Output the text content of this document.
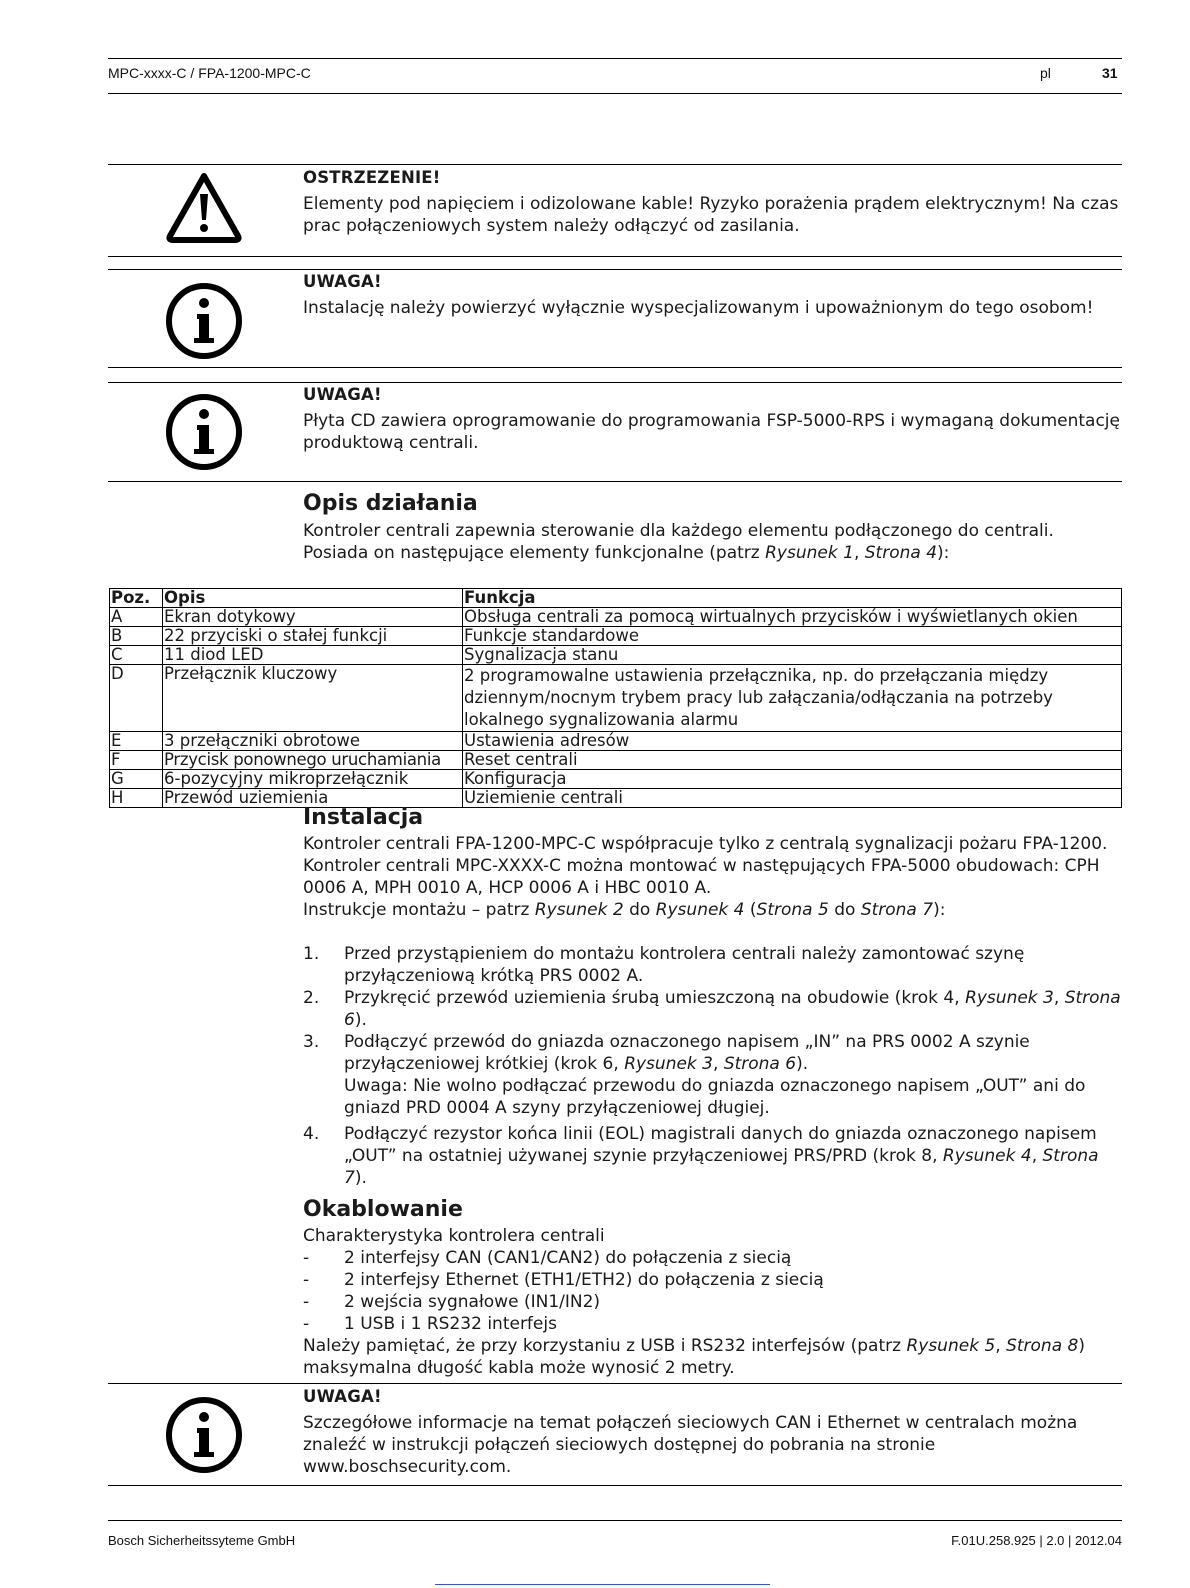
MPC-xxxx-C / FPA-1200-MPC-C	pl	31
OSTRZEZENIE!
Elementy pod napięciem i odizolowane kable! Ryzyko porażenia prądem elektrycznym! Na czas prac połączeniowych system należy odłączyć od zasilania.
UWAGA!
Instalację należy powierzyć wyłącznie wyspecjalizowanym i upoważnionym do tego osobom!
UWAGA!
Płyta CD zawiera oprogramowanie do programowania FSP-5000-RPS i wymaganą dokumentację produktową centrali.
Opis działania
Kontroler centrali zapewnia sterowanie dla każdego elementu podłączonego do centrali.
Posiada on następujące elementy funkcjonalne (patrz Rysunek 1, Strona 4):
Poz.	Opis	Funkcja
A	Ekran dotykowy	Obsługa centrali za pomocą wirtualnych przycisków i wyświetlanych okien
B	22 przyciski o stałej funkcji	Funkcje standardowe
C	11 diod LED	Sygnalizacja stanu
D	Przełącznik kluczowy	2 programowalne ustawienia przełącznika, np. do przełączania między dziennym/nocnym trybem pracy lub załączania/odłączania na potrzeby lokalnego sygnalizowania alarmu
E	3 przełączniki obrotowe	Ustawienia adresów
F	Przycisk ponownego uruchamiania	Reset centrali
G	6-pozycyjny mikroprzełącznik	Konfiguracja
H	Przewód uziemienia	Uziemienie centrali
Instalacja
Kontroler centrali FPA-1200-MPC-C współpracuje tylko z centralą sygnalizacji pożaru FPA-1200.
Kontroler centrali MPC-XXXX-C można montować w następujących FPA-5000 obudowach: CPH 0006 A, MPH 0010 A, HCP 0006 A i HBC 0010 A.
Instrukcje montażu – patrz Rysunek 2 do Rysunek 4 (Strona 5 do Strona 7):
1. Przed przystąpieniem do montażu kontrolera centrali należy zamontować szynę przyłączeniową krótką PRS 0002 A.
2. Przykręcić przewód uziemienia śrubą umieszczoną na obudowie (krok 4, Rysunek 3, Strona 6).
3. Podłączyć przewód do gniazda oznaczonego napisem „IN” na PRS 0002 A szynie przyłączeniowej krótkiej (krok 6, Rysunek 3, Strona 6).
Uwaga: Nie wolno podłączać przewodu do gniazda oznaczonego napisem „OUT” ani do gniazd PRD 0004 A szyny przyłączeniowej długiej.
4. Podłączyć rezystor końca linii (EOL) magistrali danych do gniazda oznaczonego napisem „OUT” na ostatniej używanej szynie przyłączeniowej PRS/PRD (krok 8, Rysunek 4, Strona 7).
Okablowanie
Charakterystyka kontrolera centrali
- 2 interfejsy CAN (CAN1/CAN2) do połączenia z siecią
- 2 interfejsy Ethernet (ETH1/ETH2) do połączenia z siecią
- 2 wejścia sygnałowe (IN1/IN2)
- 1 USB i 1 RS232 interfejs
Należy pamiętać, że przy korzystaniu z USB i RS232 interfejsów (patrz Rysunek 5, Strona 8) maksymalna długość kabla może wynosić 2 metry.
UWAGA!
Szczegółowe informacje na temat połączeń sieciowych CAN i Ethernet w centralach można znaleźć w instrukcji połączeń sieciowych dostępnej do pobrania na stronie www.boschsecurity.com.
Bosch Sicherheitssyteme GmbH	F.01U.258.925 | 2.0 | 2012.04
